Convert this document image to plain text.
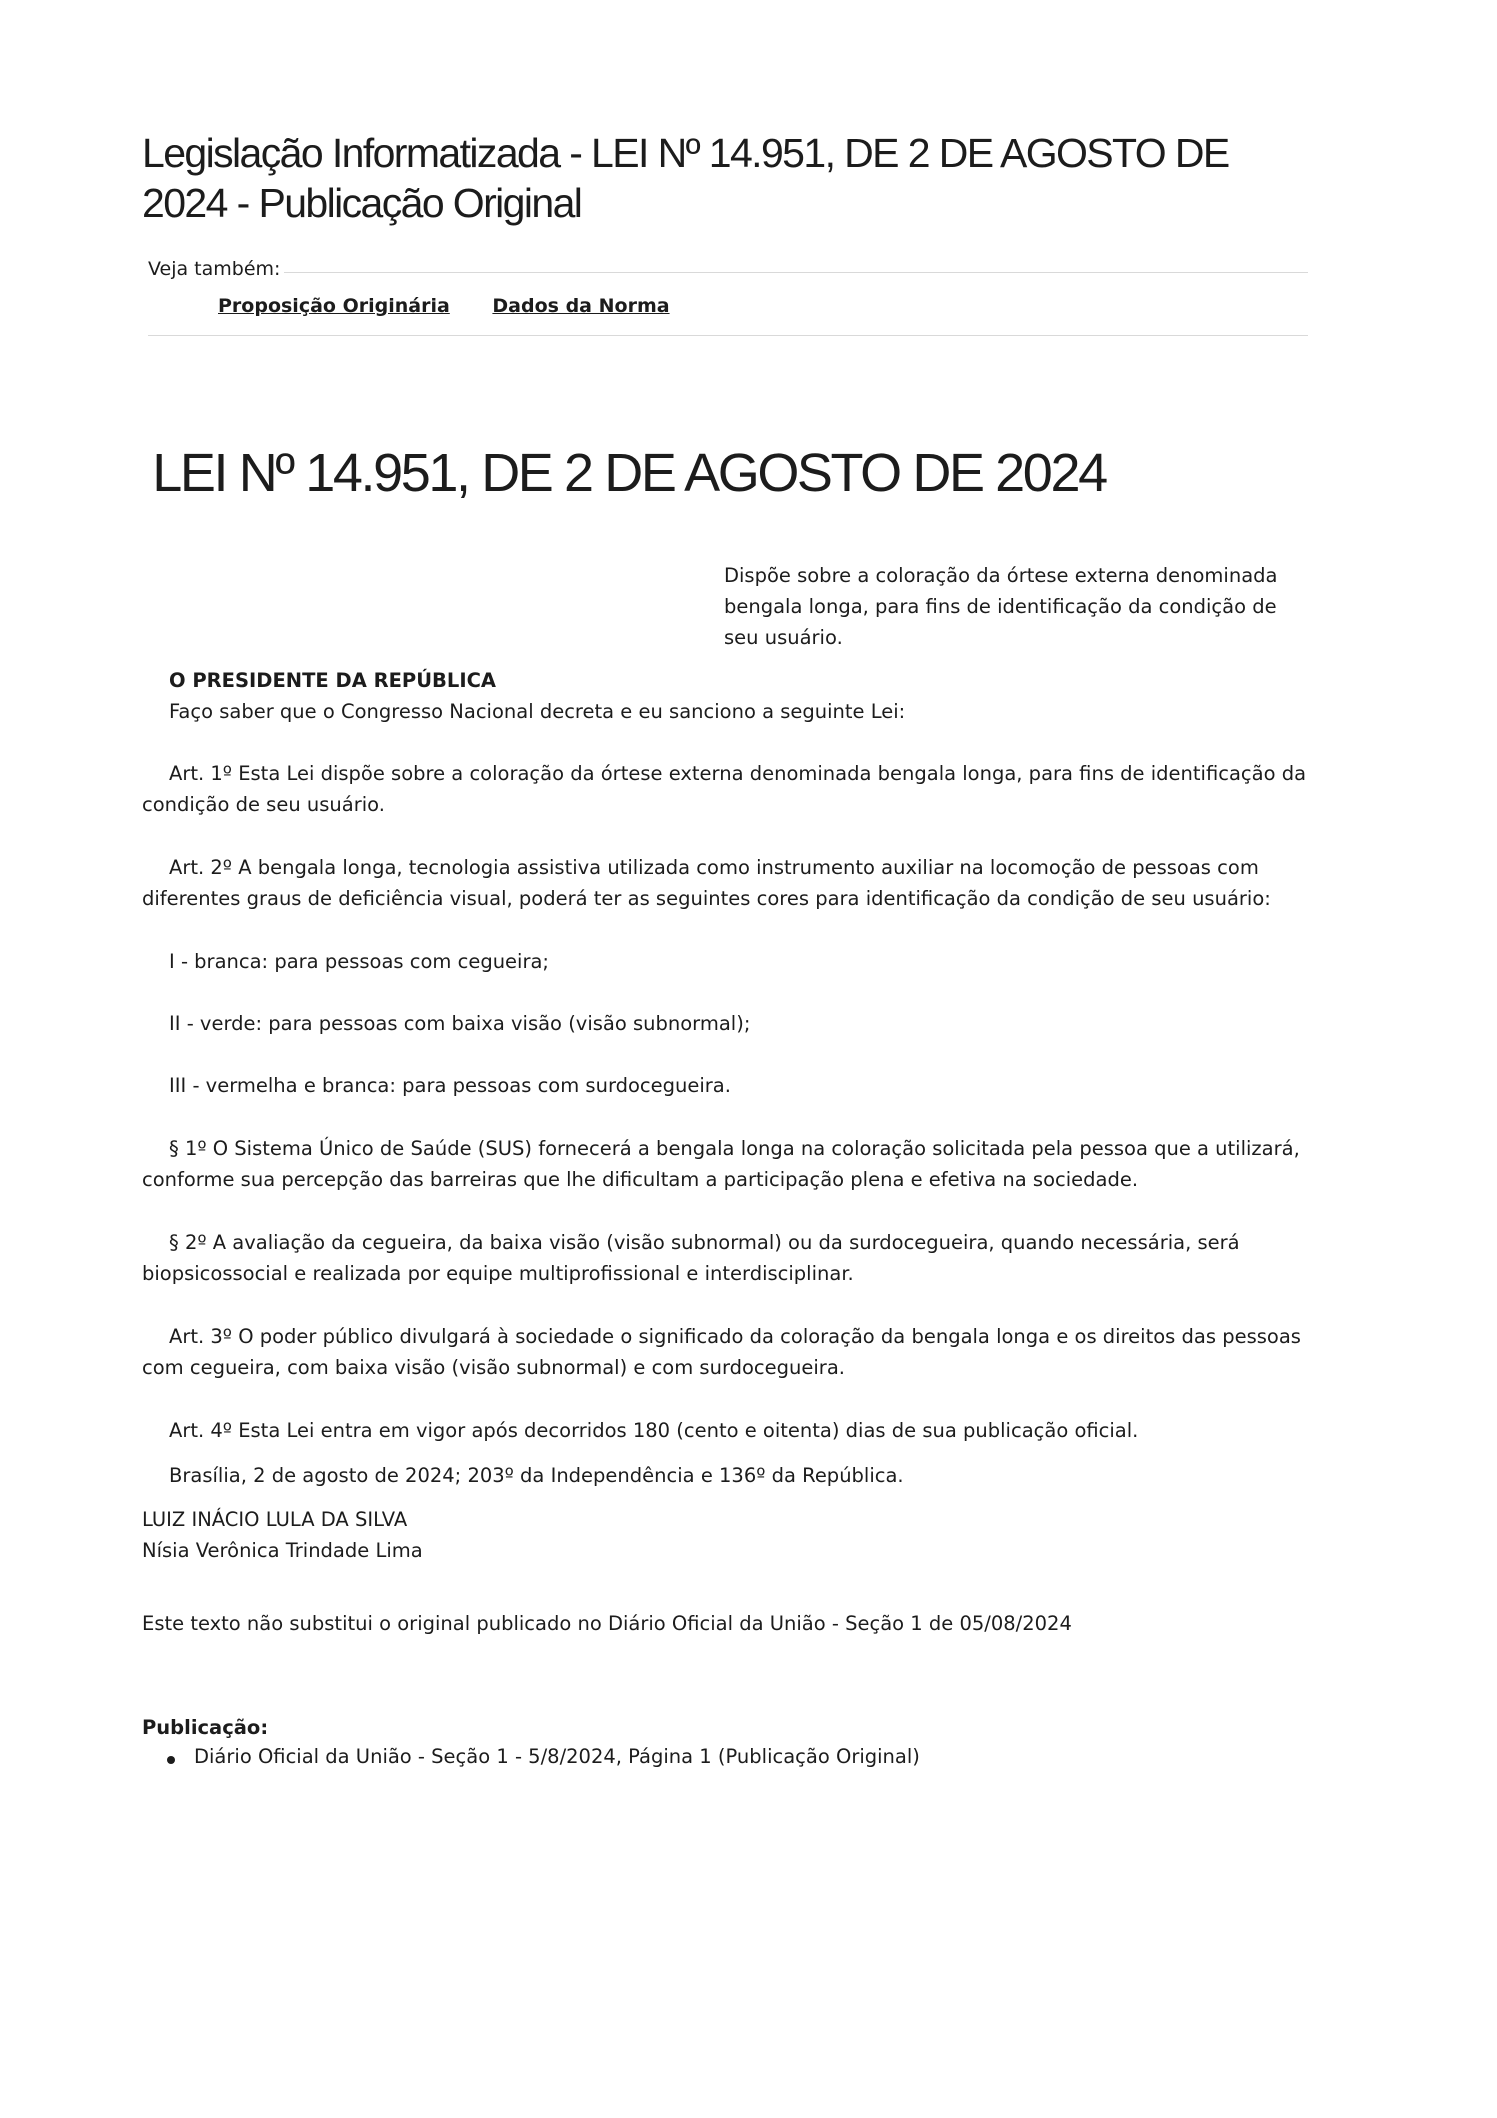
Legislação Informatizada - LEI Nº 14.951, DE 2 DE AGOSTO DE
2024 - Publicação Original
Veja também:
Proposição Originária Dados da Norma
LEI Nº 14.951, DE 2 DE AGOSTO DE 2024
Dispõe sobre a coloração da órtese externa denominada
bengala longa, para fins de identificação da condição de
seu usuário.
O PRESIDENTE DA REPÚBLICA
Faço saber que o Congresso Nacional decreta e eu sanciono a seguinte Lei:
Art. 1º Esta Lei dispõe sobre a coloração da órtese externa denominada bengala longa, para fins de identificação da
condição de seu usuário.
Art. 2º A bengala longa, tecnologia assistiva utilizada como instrumento auxiliar na locomoção de pessoas com
diferentes graus de deficiência visual, poderá ter as seguintes cores para identificação da condição de seu usuário:
I - branca: para pessoas com cegueira;
II - verde: para pessoas com baixa visão (visão subnormal);
III - vermelha e branca: para pessoas com surdocegueira.
§ 1º O Sistema Único de Saúde (SUS) fornecerá a bengala longa na coloração solicitada pela pessoa que a utilizará,
conforme sua percepção das barreiras que lhe dificultam a participação plena e efetiva na sociedade.
§ 2º A avaliação da cegueira, da baixa visão (visão subnormal) ou da surdocegueira, quando necessária, será
biopsicossocial e realizada por equipe multiprofissional e interdisciplinar.
Art. 3º O poder público divulgará à sociedade o significado da coloração da bengala longa e os direitos das pessoas
com cegueira, com baixa visão (visão subnormal) e com surdocegueira.
Art. 4º Esta Lei entra em vigor após decorridos 180 (cento e oitenta) dias de sua publicação oficial.
Brasília, 2 de agosto de 2024; 203º da Independência e 136º da República.
LUIZ INÁCIO LULA DA SILVA
Nísia Verônica Trindade Lima
Este texto não substitui o original publicado no Diário Oficial da União - Seção 1 de 05/08/2024
Publicação:
Diário Oficial da União - Seção 1 - 5/8/2024, Página 1 (Publicação Original)
